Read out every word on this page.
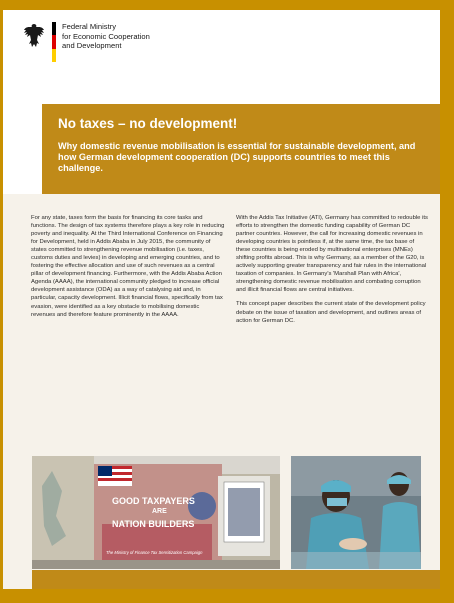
Federal Ministry
for Economic Cooperation
and Development
No taxes – no development!

Why domestic revenue mobilisation is essential for sustainable development, and how German development cooperation (DC) supports countries to meet this challenge.

For any state, taxes form the basis for financing its core tasks and functions. The design of tax systems therefore plays a key role in reducing poverty and inequality. At the Third International Conference on Financing for Development, held in Addis Ababa in July 2015, the community of states committed to strengthening revenue mobilisation (i.e. taxes, customs duties and levies) in developing and emerging countries, and to fostering the effective allocation and use of such revenues as a central pillar of development financing. Furthermore, with the Addis Ababa Action Agenda (AAAA), the international community pledged to increase official development assistance (ODA) as a way of catalysing aid and, in particular, capacity development. Illicit financial flows, specifically from tax evasion, were identified as a key obstacle to mobilising domestic revenues and therefore feature prominently in the AAAA.

With the Addis Tax Initiative (ATI), Germany has committed to redouble its efforts to strengthen the domestic funding capability of German DC partner countries. However, the call for increasing domestic revenues in developing countries is pointless if, at the same time, the tax base of these countries is being eroded by multinational enterprises (MNEs) shifting profits abroad. This is why Germany, as a member of the G20, is actively supporting greater transparency and fair rules in the international taxation of companies. In Germany's 'Marshall Plan with Africa', strengthening domestic revenue mobilisation and combating corruption and illicit financial flows are central initiatives.

This concept paper describes the current state of the development policy debate on the issue of taxation and development, and outlines areas of action for German DC.

GOOD TAXPAYERS
ARE
NATION BUILDERS
The Ministry of Finance Tax Sensitization Campaign
